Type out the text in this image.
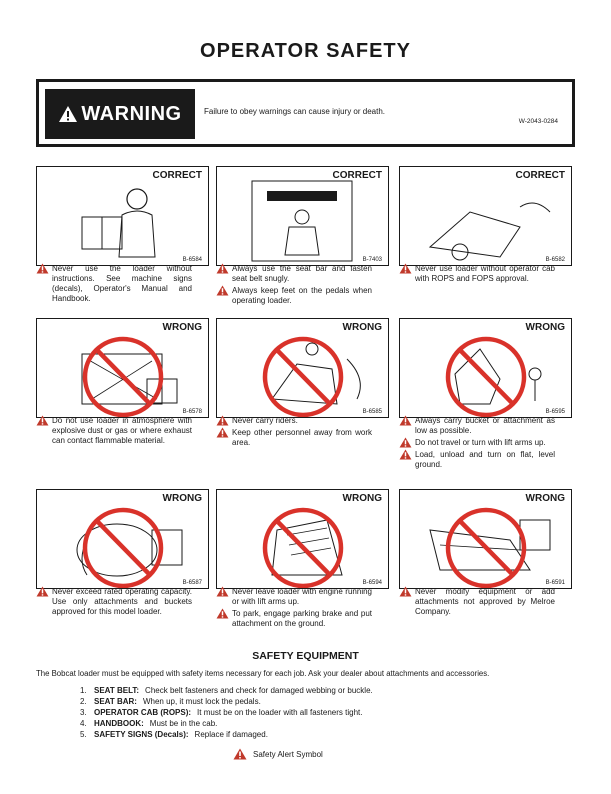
OPERATOR SAFETY
WARNING	Failure to obey warnings can cause injury or death.
W-2043-0284
CORRECT
B-6584
Never use the loader without instructions. See machine signs (decals), Operator's Manual and Handbook.
CORRECT
B-7403
Always use the seat bar and fasten seat belt snugly.
Always keep feet on the pedals when operating loader.
CORRECT
B-6582
Never use loader without operator cab with ROPS and FOPS approval.
WRONG
B-6578
Do not use loader in atmosphere with explosive dust or gas or where exhaust can contact flammable material.
WRONG
B-6585
Never carry riders.
Keep other personnel away from work area.
WRONG
B-6595
Always carry bucket or attachment as low as possible.
Do not travel or turn with lift arms up.
Load, unload and turn on flat, level ground.
WRONG
B-6587
Never exceed rated operating capacity. Use only attachments and buckets approved for this model loader.
WRONG
B-6594
Never leave loader with engine running or with lift arms up.
To park, engage parking brake and put attachment on the ground.
WRONG
B-6591
Never modify equipment or add attachments not approved by Melroe Company.
SAFETY EQUIPMENT
The Bobcat loader must be equipped with safety items necessary for each job. Ask your dealer about attachments and accessories.
1. SEAT BELT: Check belt fasteners and check for damaged webbing or buckle.
2. SEAT BAR: When up, it must lock the pedals.
3. OPERATOR CAB (ROPS): It must be on the loader with all fasteners tight.
4. HANDBOOK: Must be in the cab.
5. SAFETY SIGNS (Decals): Replace if damaged.
Safety Alert Symbol
